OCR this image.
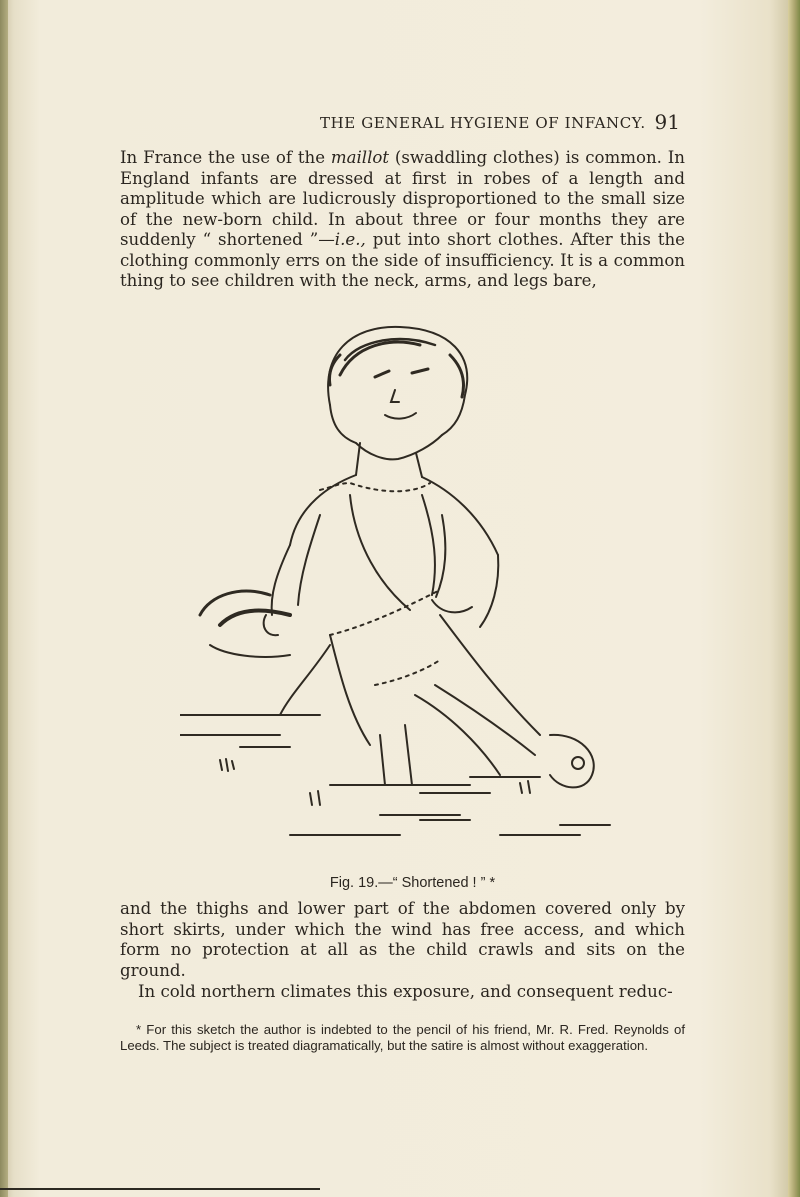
THE GENERAL HYGIENE OF INFANCY. 91

In France the use of the maillot (swaddling clothes) is common. In England infants are dressed at first in robes of a length and amplitude which are ludicrously disproportioned to the small size of the new-born child. In about three or four months they are suddenly “ shortened ”—i.e., put into short clothes. After this the clothing commonly errs on the side of insufficiency. It is a common thing to see children with the neck, arms, and legs bare,

Fig. 19.—“ Shortened ! ” *

and the thighs and lower part of the abdomen covered only by short skirts, under which the wind has free access, and which form no protection at all as the child crawls and sits on the ground.

In cold northern climates this exposure, and consequent reduc-

* For this sketch the author is indebted to the pencil of his friend, Mr. R. Fred. Reynolds of Leeds. The subject is treated diagramatically, but the satire is almost without exaggeration.
